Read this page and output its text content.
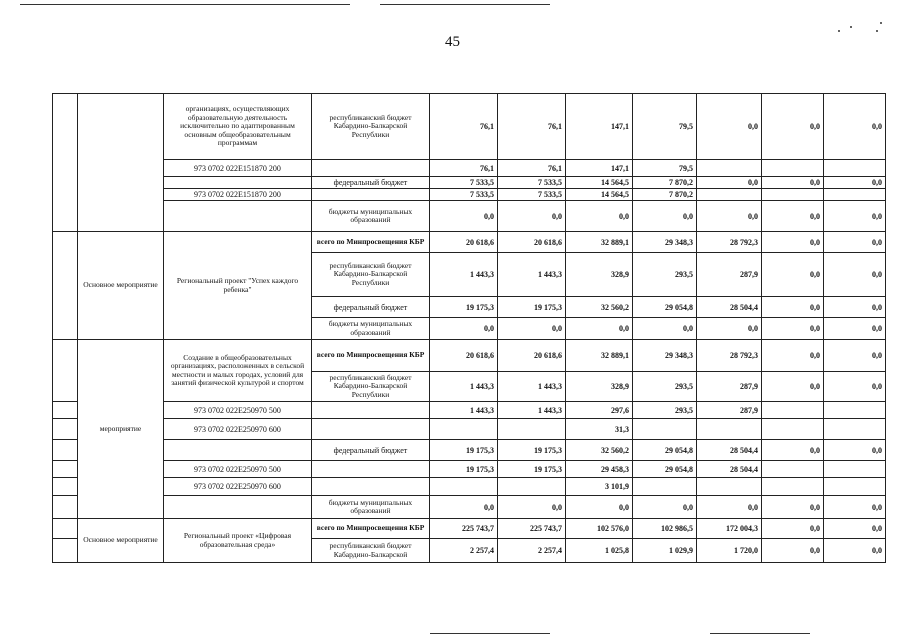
45
		организациях, осуществляющих образовательную деятельность исключительно по адаптированным основным общеобразовательным программам	республиканский бюджет Кабардино-Балкарской Республики	76,1	76,1	147,1	79,5	0,0	0,0	0,0
		973 0702 022E151870 200		76,1	76,1	147,1	79,5			
			федеральный бюджет	7 533,5	7 533,5	14 564,5	7 870,2	0,0	0,0	0,0
		973 0702 022E151870 200		7 533,5	7 533,5	14 564,5	7 870,2			
			бюджеты муниципальных образований	0,0	0,0	0,0	0,0	0,0	0,0	0,0
	Основное мероприятие	Региональный проект "Успех каждого ребенка"	всего по Минпросвещения КБР	20 618,6	20 618,6	32 889,1	29 348,3	28 792,3	0,0	0,0
			республиканский бюджет Кабардино-Балкарской Республики	1 443,3	1 443,3	328,9	293,5	287,9	0,0	0,0
			федеральный бюджет	19 175,3	19 175,3	32 560,2	29 054,8	28 504,4	0,0	0,0
			бюджеты муниципальных образований	0,0	0,0	0,0	0,0	0,0	0,0	0,0
	мероприятие	Создание в общеобразовательных организациях, расположенных в сельской местности и малых городах, условий для занятий физической культурой и спортом	всего по Минпросвещения КБР	20 618,6	20 618,6	32 889,1	29 348,3	28 792,3	0,0	0,0
			республиканский бюджет Кабардино-Балкарской Республики	1 443,3	1 443,3	328,9	293,5	287,9	0,0	0,0
		973 0702 022E250970 500		1 443,3	1 443,3	297,6	293,5	287,9		
		973 0702 022E250970 600				31,3				
			федеральный бюджет	19 175,3	19 175,3	32 560,2	29 054,8	28 504,4	0,0	0,0
		973 0702 022E250970 500		19 175,3	19 175,3	29 458,3	29 054,8	28 504,4		
		973 0702 022E250970 600				3 101,9				
			бюджеты муниципальных образований	0,0	0,0	0,0	0,0	0,0	0,0	0,0
	Основное мероприятие	Региональный проект «Цифровая образовательная среда»	всего по Минпросвещения КБР	225 743,7	225 743,7	102 576,0	102 986,5	172 004,3	0,0	0,0
			республиканский бюджет Кабардино-Балкарской	2 257,4	2 257,4	1 025,8	1 029,9	1 720,0	0,0	0,0
